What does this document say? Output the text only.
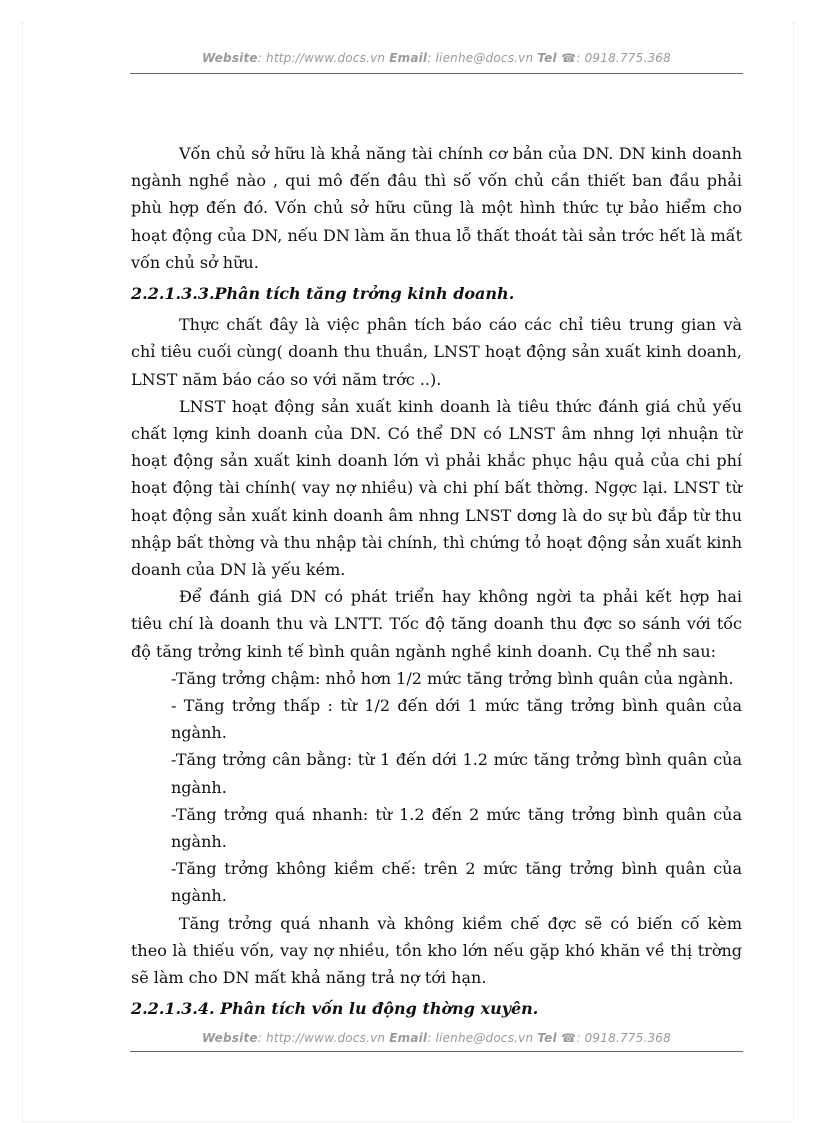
Website: http://www.docs.vn Email: lienhe@docs.vn Tel ☎: 0918.775.368

Vốn chủ sở hữu là khả năng tài chính cơ bản của DN. DN kinh doanh ngành nghề nào , qui mô đến đâu thì số vốn chủ cần thiết ban đầu phải phù hợp đến đó. Vốn chủ sở hữu cũng là một hình thức tự bảo hiểm cho hoạt động của DN, nếu DN làm ăn thua lỗ thất thoát tài sản trớc hết là mất vốn chủ sở hữu.

2.2.1.3.3.Phân tích tăng trởng kinh doanh.

Thực chất đây là việc phân tích báo cáo các chỉ tiêu trung gian và chỉ tiêu cuối cùng( doanh thu thuần, LNST hoạt động sản xuất kinh doanh, LNST năm báo cáo so với năm trớc ..).

LNST hoạt động sản xuất kinh doanh là tiêu thức đánh giá chủ yếu chất lợng kinh doanh của DN. Có thể DN có LNST âm nhng lợi nhuận từ hoạt động sản xuất kinh doanh lớn vì phải khắc phục hậu quả của chi phí hoạt động tài chính( vay nợ nhiều) và chi phí bất thờng. Ngợc lại. LNST từ hoạt động sản xuất kinh doanh âm nhng LNST dơng là do sự bù đắp từ thu nhập bất thờng và thu nhập tài chính, thì chứng tỏ hoạt động sản xuất kinh doanh của DN là yếu kém.

Để đánh giá DN có phát triển hay không ngời ta phải kết hợp hai tiêu chí là doanh thu và LNTT. Tốc độ tăng doanh thu đợc so sánh với tốc độ tăng trởng kinh tế bình quân ngành nghề kinh doanh. Cụ thể nh sau:

-Tăng trởng chậm: nhỏ hơn 1/2 mức tăng trởng bình quân của ngành.

- Tăng trởng thấp : từ 1/2 đến dới 1 mức tăng trởng bình quân của ngành.

-Tăng trởng cân bằng: từ 1 đến dới 1.2 mức tăng trởng bình quân của ngành.

-Tăng trởng quá nhanh: từ 1.2 đến 2 mức tăng trởng bình quân của ngành.

-Tăng trởng không kiềm chế: trên 2 mức tăng trởng bình quân của ngành.

Tăng trởng quá nhanh và không kiềm chế đợc sẽ có biến cố kèm theo là thiếu vốn, vay nợ nhiều, tồn kho lớn nếu gặp khó khăn về thị trờng sẽ làm cho DN mất khả năng trả nợ tới hạn.

2.2.1.3.4. Phân tích vốn lu động thờng xuyên.

Website: http://www.docs.vn Email: lienhe@docs.vn Tel ☎: 0918.775.368
